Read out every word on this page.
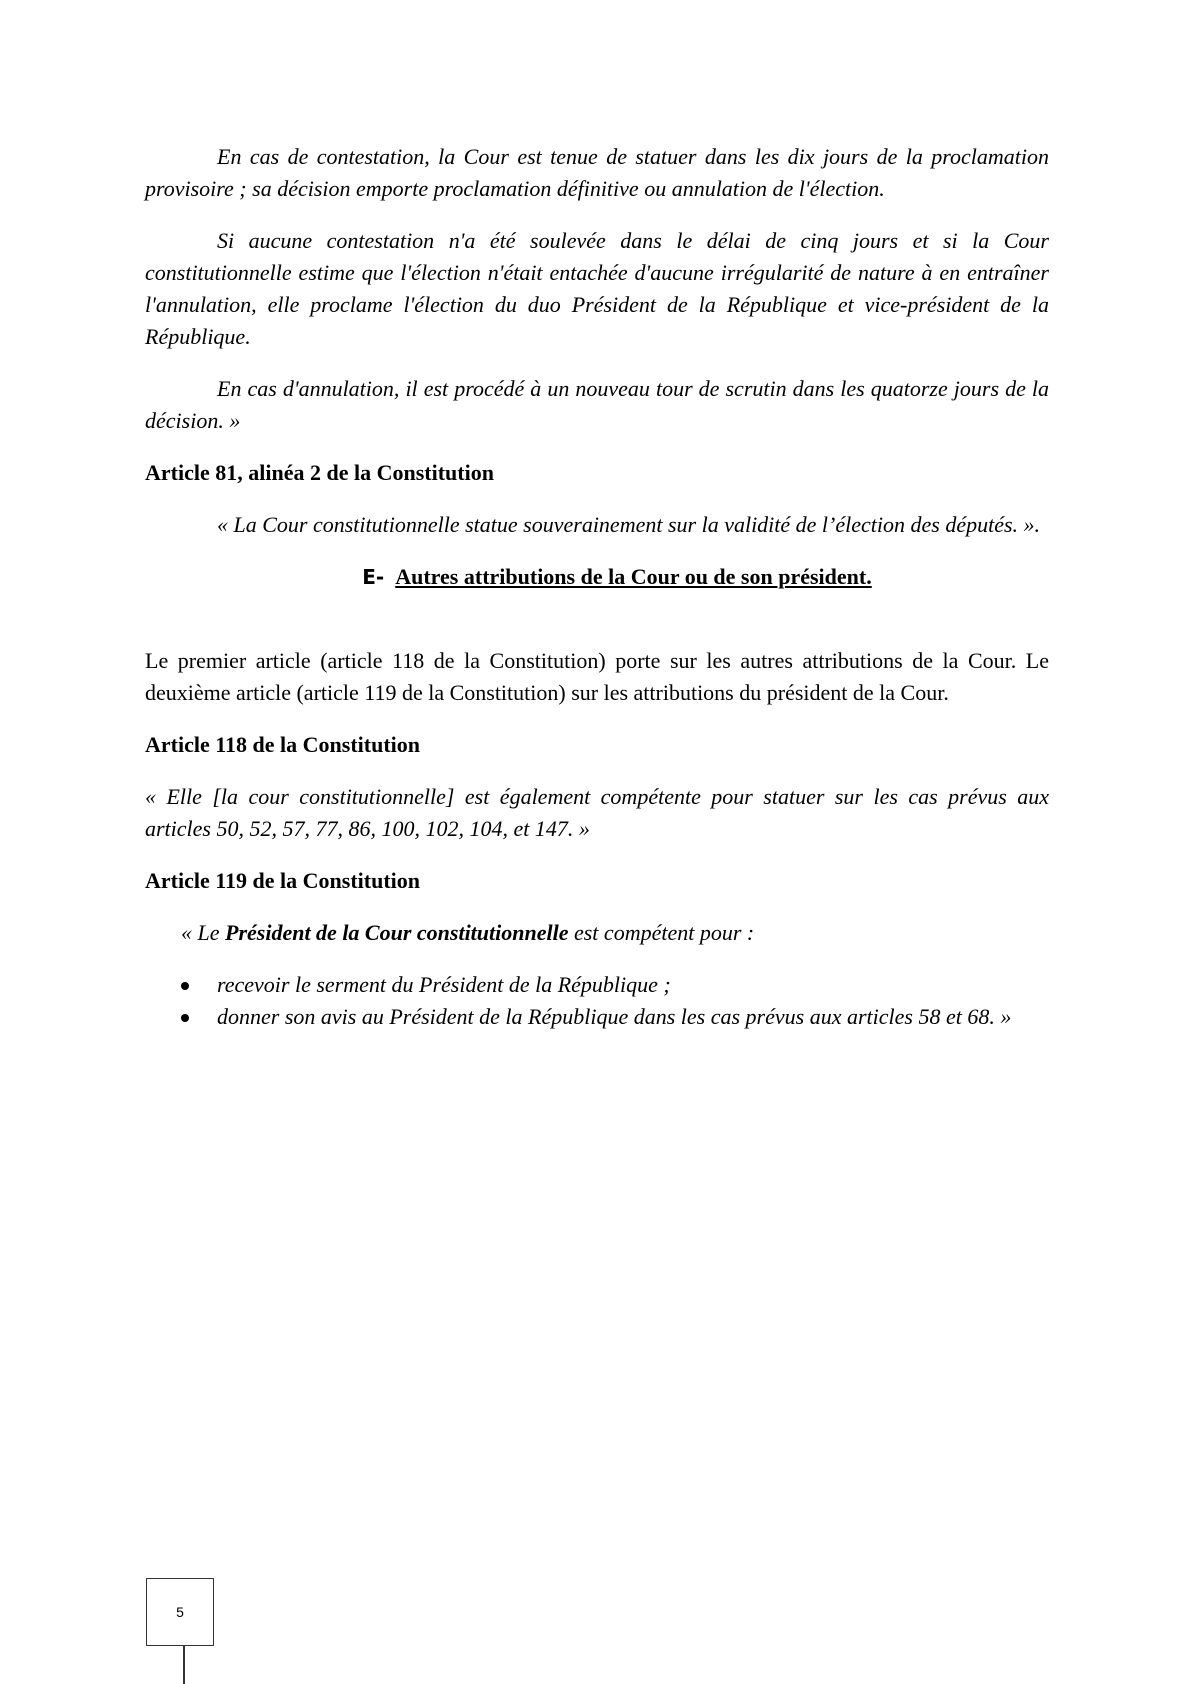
En cas de contestation, la Cour est tenue de statuer dans les dix jours de la proclamation provisoire ; sa décision emporte proclamation définitive ou annulation de l'élection.

Si aucune contestation n'a été soulevée dans le délai de cinq jours et si la Cour constitutionnelle estime que l'élection n'était entachée d'aucune irrégularité de nature à en entraîner l'annulation, elle proclame l'élection du duo Président de la République et vice-président de la République.

En cas d'annulation, il est procédé à un nouveau tour de scrutin dans les quatorze jours de la décision. »

Article 81, alinéa 2 de la Constitution

« La Cour constitutionnelle statue souverainement sur la validité de l’élection des députés. ».

E- Autres attributions de la Cour ou de son président.

Le premier article (article 118 de la Constitution) porte sur les autres attributions de la Cour. Le deuxième article (article 119 de la Constitution) sur les attributions du président de la Cour.

Article 118 de la Constitution

« Elle [la cour constitutionnelle] est également compétente pour statuer sur les cas prévus aux articles 50, 52, 57, 77, 86, 100, 102, 104, et 147. »

Article 119 de la Constitution

« Le Président de la Cour constitutionnelle est compétent pour :

recevoir le serment du Président de la République ;
donner son avis au Président de la République dans les cas prévus aux articles 58 et 68. »
5
